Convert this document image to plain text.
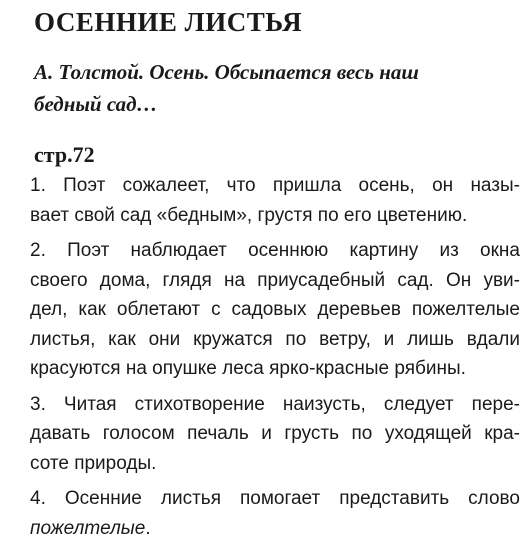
ОСЕННИЕ ЛИСТЬЯ
А. Толстой. Осень. Обсыпается весь наш
бедный сад…
стр.72
1. Поэт сожалеет, что пришла осень, он назы-
вает свой сад «бедным», грустя по его цветению.
2. Поэт наблюдает осеннюю картину из окна
своего дома, глядя на приусадебный сад. Он уви-
дел, как облетают с садовых деревьев пожелтелые
листья, как они кружатся по ветру, и лишь вдали
красуются на опушке леса ярко-красные рябины.
3. Читая стихотворение наизусть, следует пере-
давать голосом печаль и грусть по уходящей кра-
соте природы.
4. Осенние листья помогает представить слово
пожелтелые.
